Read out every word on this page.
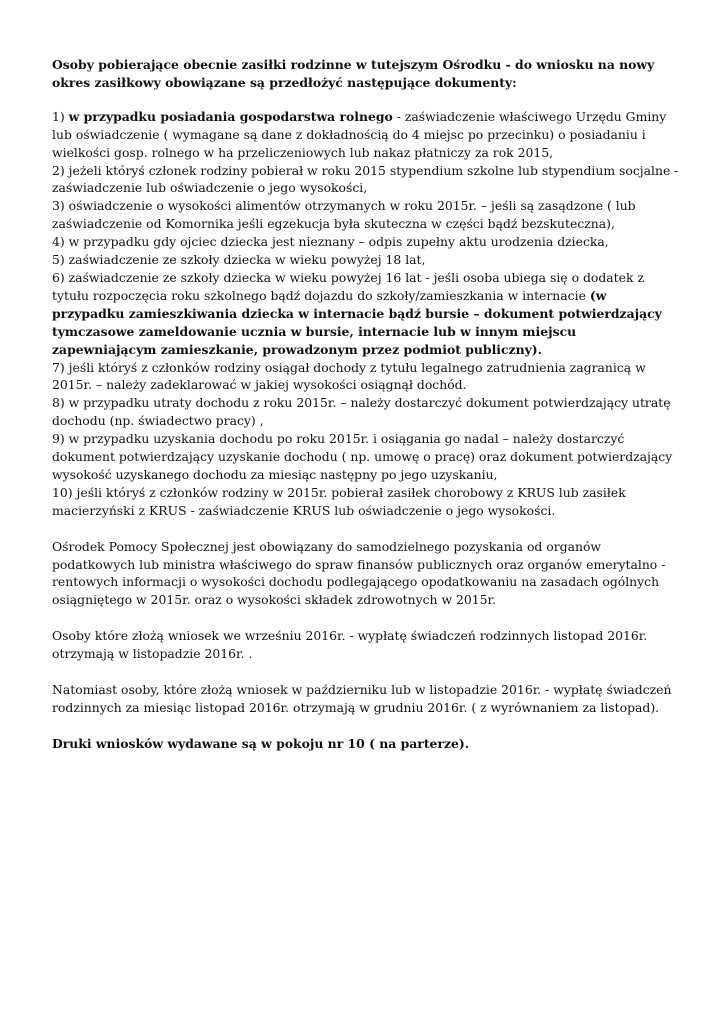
Osoby pobierające obecnie zasiłki rodzinne w tutejszym Ośrodku - do wniosku na nowy okres zasiłkowy obowiązane są przedłożyć następujące dokumenty:

1) w przypadku posiadania gospodarstwa rolnego - zaświadczenie właściwego Urzędu Gminy lub oświadczenie ( wymagane są dane z dokładnością do 4 miejsc po przecinku) o posiadaniu i wielkości gosp. rolnego w ha przeliczeniowych lub nakaz płatniczy za rok 2015,

2) jeżeli któryś członek rodziny pobierał w roku 2015 stypendium szkolne lub stypendium socjalne - zaświadczenie lub oświadczenie o jego wysokości,

3) oświadczenie o wysokości alimentów otrzymanych w roku 2015r. – jeśli są zasądzone ( lub zaświadczenie od Komornika jeśli egzekucja była skuteczna w części bądź bezskuteczna),

4) w przypadku gdy ojciec dziecka jest nieznany – odpis zupełny aktu urodzenia dziecka,

5) zaświadczenie ze szkoły dziecka w wieku powyżej 18 lat,

6) zaświadczenie ze szkoły dziecka w wieku powyżej 16 lat - jeśli osoba ubiega się o dodatek z tytułu rozpoczęcia roku szkolnego bądź dojazdu do szkoły/zamieszkania w internacie (w przypadku zamieszkiwania dziecka w internacie bądź bursie – dokument potwierdzający tymczasowe zameldowanie ucznia w bursie, internacie lub w innym miejscu zapewniającym zamieszkanie, prowadzonym przez podmiot publiczny).

7) jeśli któryś z członków rodziny osiągał dochody z tytułu legalnego zatrudnienia zagranicą w 2015r. – należy zadeklarować w jakiej wysokości osiągnął dochód.

8) w przypadku utraty dochodu z roku 2015r. – należy dostarczyć dokument potwierdzający utratę dochodu (np. świadectwo pracy) ,

9) w przypadku uzyskania dochodu po roku 2015r. i osiągania go nadal – należy dostarczyć dokument potwierdzający uzyskanie dochodu ( np. umowę o pracę) oraz dokument potwierdzający wysokość uzyskanego dochodu za miesiąc następny po jego uzyskaniu,

10) jeśli któryś z członków rodziny w 2015r. pobierał zasiłek chorobowy z KRUS lub zasiłek macierzyński z KRUS - zaświadczenie KRUS lub oświadczenie o jego wysokości.

Ośrodek Pomocy Społecznej jest obowiązany do samodzielnego pozyskania od organów podatkowych lub ministra właściwego do spraw finansów publicznych oraz organów emerytalno - rentowych informacji o wysokości dochodu podlegającego opodatkowaniu na zasadach ogólnych osiągniętego w 2015r. oraz o wysokości składek zdrowotnych w 2015r.

Osoby które złożą wniosek we wrześniu 2016r. - wypłatę świadczeń rodzinnych listopad 2016r. otrzymają w listopadzie 2016r. .

Natomiast osoby, które złożą wniosek w październiku lub w listopadzie 2016r. - wypłatę świadczeń rodzinnych za miesiąc listopad 2016r. otrzymają w grudniu 2016r. ( z wyrównaniem za listopad).

Druki wniosków wydawane są w pokoju nr 10 ( na parterze).
